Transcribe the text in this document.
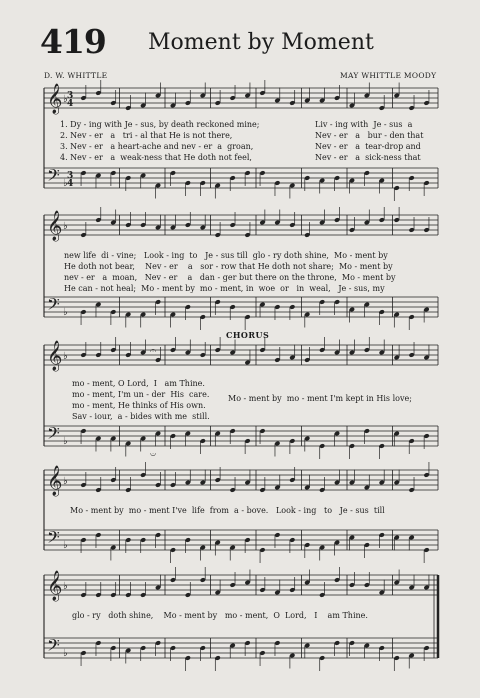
419 Moment by Moment
D. W. WHITTLE	MAY WHITTLE MOODY
CHORUS
𝄞
𝄢
♭
♭
𝄞
𝄢
♭
♭
𝄞
𝄢
♭
♭
𝄞
𝄢
♭
♭
𝄞
𝄢
♭
♭
3
4
3
4
𝄐
𝄑
1. Dy - ing with Je - sus, by death reckoned mine;
2. Nev - er   a   tri - al that He is not there,
3. Nev - er   a heart-ache and nev - er  a  groan,
4. Nev - er   a  weak-ness that He doth not feel,
Liv - ing with  Je - sus  a
Nev - er   a   bur - den that
Nev - er   a  tear-drop and
Nev - er   a  sick-ness that
new life  di - vine;   Look - ing  to   Je - sus till  glo - ry doth shine,  Mo - ment by
He doth not bear,    Nev - er    a   sor - row that He doth not share;  Mo - ment by
nev - er   a  moan,   Nev - er    a   dan - ger but there on the throne,  Mo - ment by
He can - not heal;  Mo - ment by  mo - ment, in  woe  or   in  weal,   Je - sus, my
mo - ment, O Lord,  I   am Thine.
mo - ment, I'm un - der  His  care.
mo - ment, He thinks of His own.
Sav - iour,  a - bides with me  still.
Mo - ment by  mo - ment I'm kept in His love;
Mo - ment by  mo - ment I've  life  from  a - bove.   Look - ing   to   Je - sus  till
glo - ry   doth shine,    Mo - ment by   mo - ment,  O  Lord,   I    am Thine.
